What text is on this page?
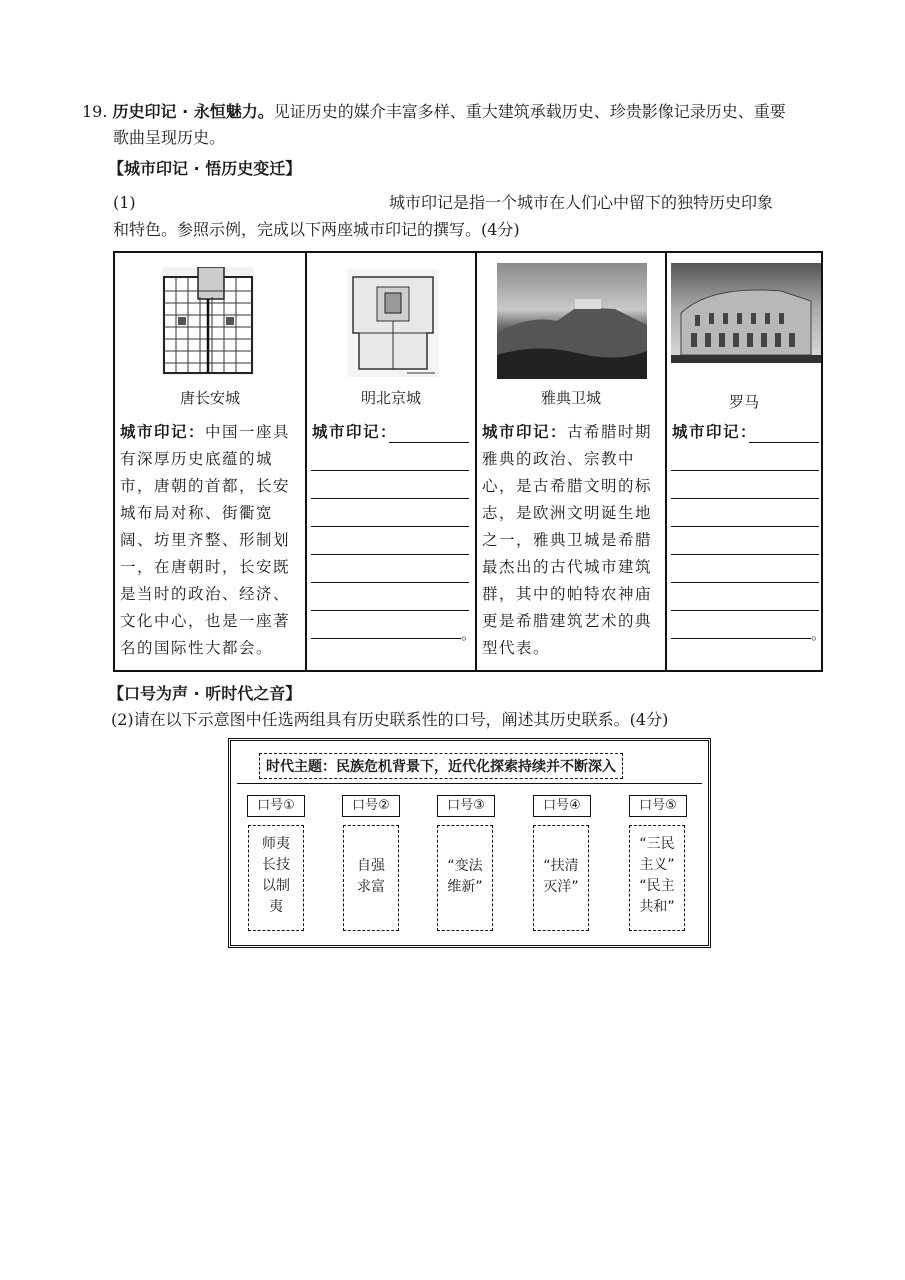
19. 历史印记 · 永恒魅力。见证历史的媒介丰富多样、重大建筑承载历史、珍贵影像记录历史、重要
歌曲呈现历史。
【城市印记 · 悟历史变迁】
(1)	城市印记是指一个城市在人们心中留下的独特历史印象
和特色。参照示例，完成以下两座城市印记的撰写。(4分)
唐长安城
城市印记：中国一座具有深厚历史底蕴的城市，唐朝的首都，长安城布局对称、街衢宽阔、坊里齐整、形制划一，在唐朝时，长安既是当时的政治、经济、文化中心，也是一座著名的国际性大都会。
明北京城
城市印记：
。
雅典卫城
城市印记：古希腊时期雅典的政治、宗教中心，是古希腊文明的标志，是欧洲文明诞生地之一，雅典卫城是希腊最杰出的古代城市建筑群，其中的帕特农神庙更是希腊建筑艺术的典型代表。
罗马
城市印记：
。
【口号为声 · 听时代之音】
(2)请在以下示意图中任选两组具有历史联系性的口号，阐述其历史联系。(4分)
时代主题：民族危机背景下，近代化探索持续并不断深入
口号①
师夷
长技
以制
夷
口号②
自强
求富
口号③
“变法
维新”
口号④
“扶清
灭洋”
口号⑤
“三民
主义”
“民主
共和”
